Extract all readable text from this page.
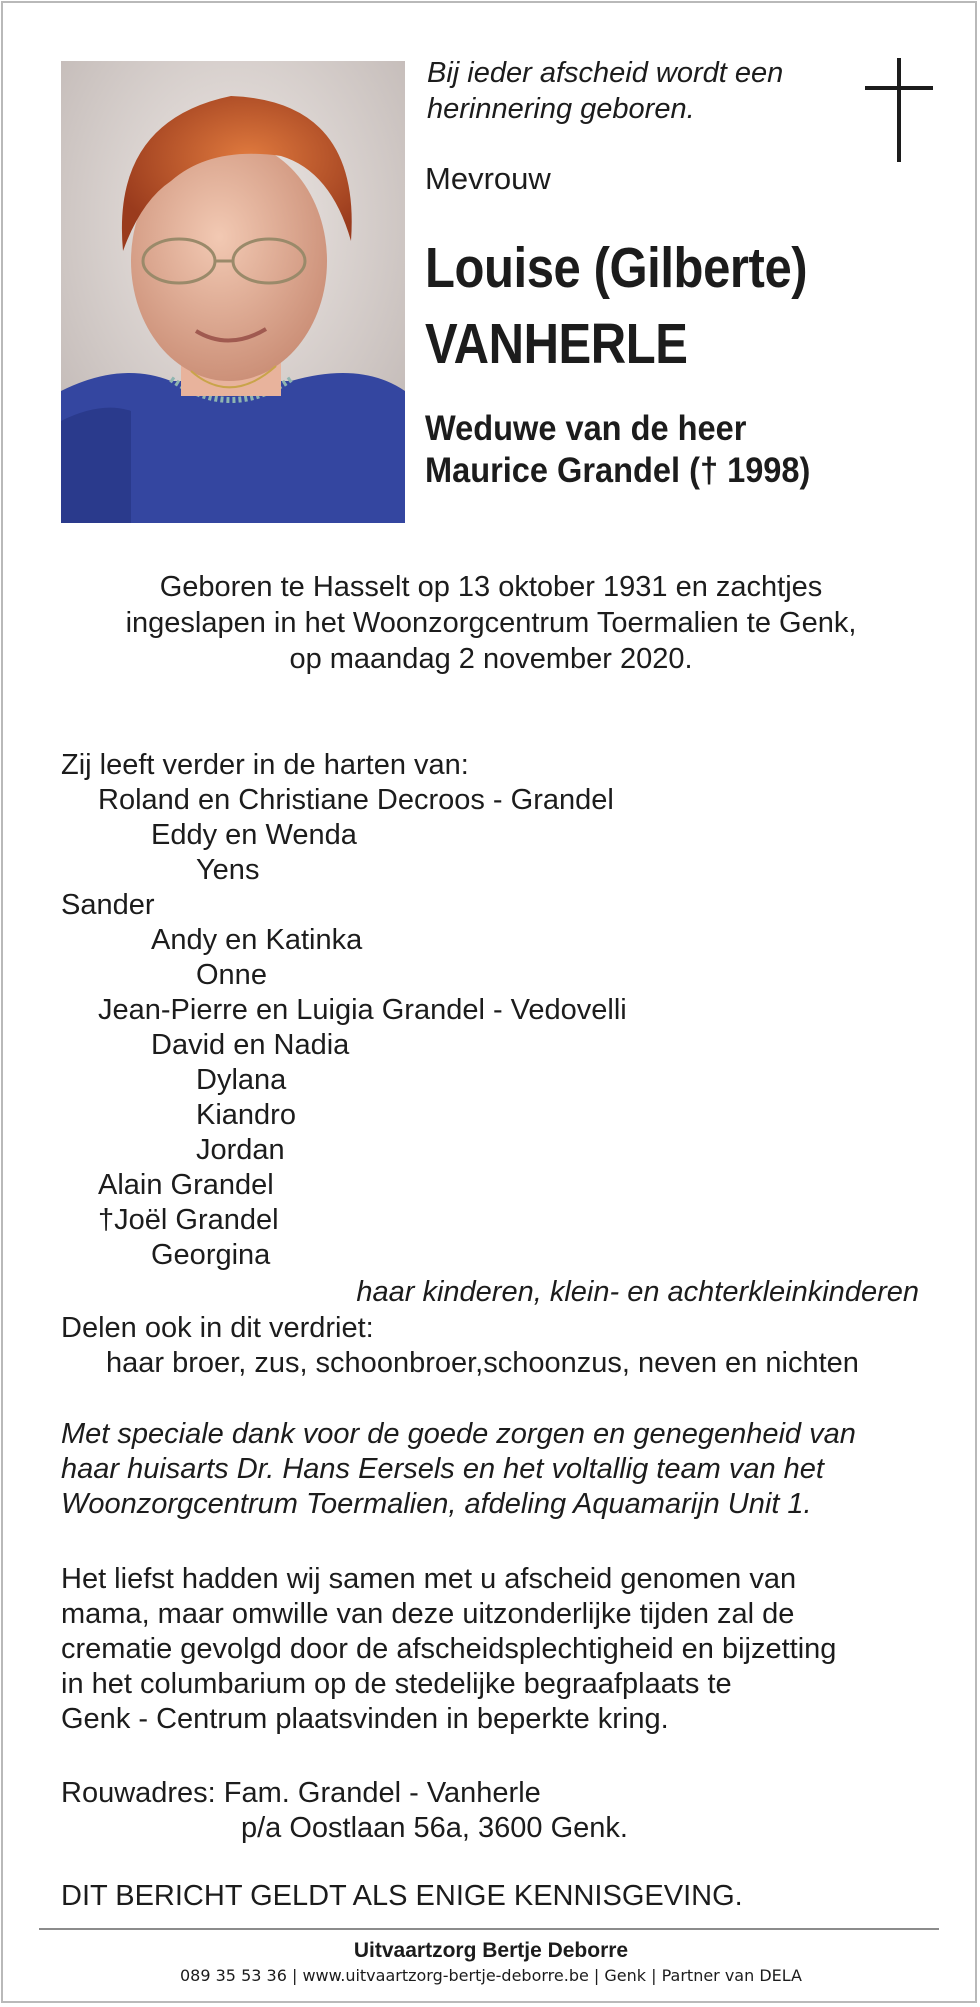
Bij ieder afscheid wordt een
herinnering geboren.
Mevrouw
Louise (Gilberte)
VANHERLE
Weduwe van de heer
Maurice Grandel († 1998)
Geboren te Hasselt op 13 oktober 1931 en zachtjes
ingeslapen in het Woonzorgcentrum Toermalien te Genk,
op maandag 2 november 2020.
Zij leeft verder in de harten van:
Roland en Christiane Decroos - Grandel
Eddy en Wenda
Yens
Sander
Andy en Katinka
Onne
Jean-Pierre en Luigia Grandel - Vedovelli
David en Nadia
Dylana
Kiandro
Jordan
Alain Grandel
†Joël Grandel
Georgina
haar kinderen, klein- en achterkleinkinderen
Delen ook in dit verdriet:
haar broer, zus, schoonbroer,schoonzus, neven en nichten
Met speciale dank voor de goede zorgen en genegenheid van
haar huisarts Dr. Hans Eersels en het voltallig team van het
Woonzorgcentrum Toermalien, afdeling Aquamarijn Unit 1.
Het liefst hadden wij samen met u afscheid genomen van
mama, maar omwille van deze uitzonderlijke tijden zal de
crematie gevolgd door de afscheidsplechtigheid en bijzetting
in het columbarium op de stedelijke begraafplaats te
Genk - Centrum plaatsvinden in beperkte kring.
Rouwadres: Fam. Grandel - Vanherle
p/a Oostlaan 56a, 3600 Genk.
DIT BERICHT GELDT ALS ENIGE KENNISGEVING.
Uitvaartzorg Bertje Deborre
089 35 53 36 | www.uitvaartzorg-bertje-deborre.be | Genk | Partner van DELA
